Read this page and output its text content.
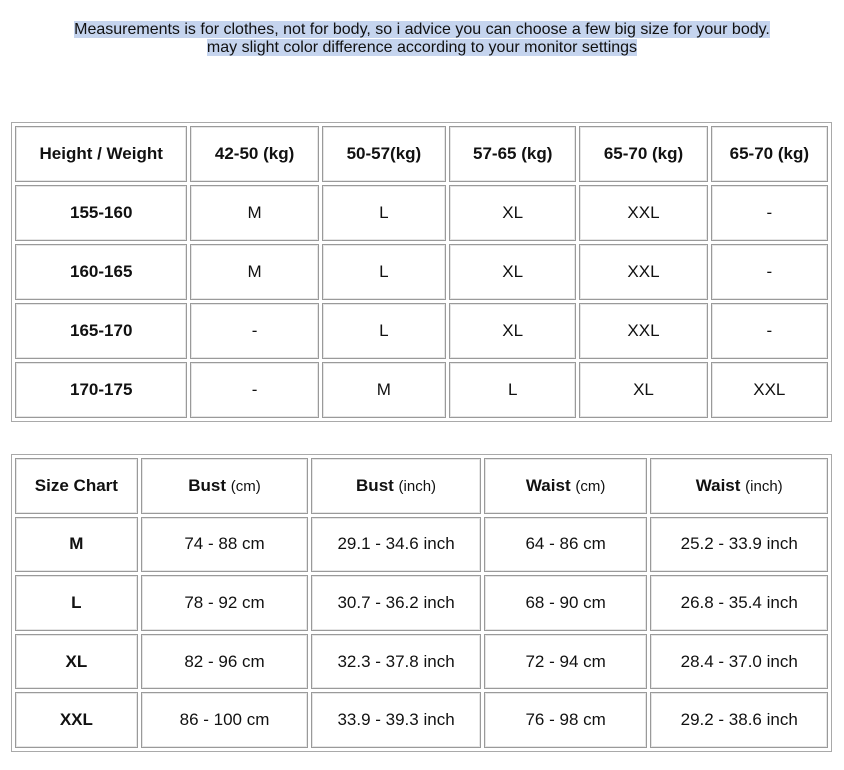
Measurements is for clothes, not for body, so i advice you can choose a few big size for your body.
may slight color difference according to your monitor settings
Height / Weight	42-50 (kg)	50-57(kg)	57-65 (kg)	65-70 (kg)	65-70 (kg)
155-160	M	L	XL	XXL	-
160-165	M	L	XL	XXL	-
165-170	-	L	XL	XXL	-
170-175	-	M	L	XL	XXL
Size Chart	Bust (cm)	Bust (inch)	Waist (cm)	Waist (inch)
M	74 - 88 cm	29.1 - 34.6 inch	64 - 86 cm	25.2 - 33.9 inch
L	78 - 92 cm	30.7 - 36.2 inch	68 - 90 cm	26.8 - 35.4 inch
XL	82 - 96 cm	32.3 - 37.8 inch	72 - 94 cm	28.4 - 37.0 inch
XXL	86 - 100 cm	33.9 - 39.3 inch	76 - 98 cm	29.2 - 38.6 inch
